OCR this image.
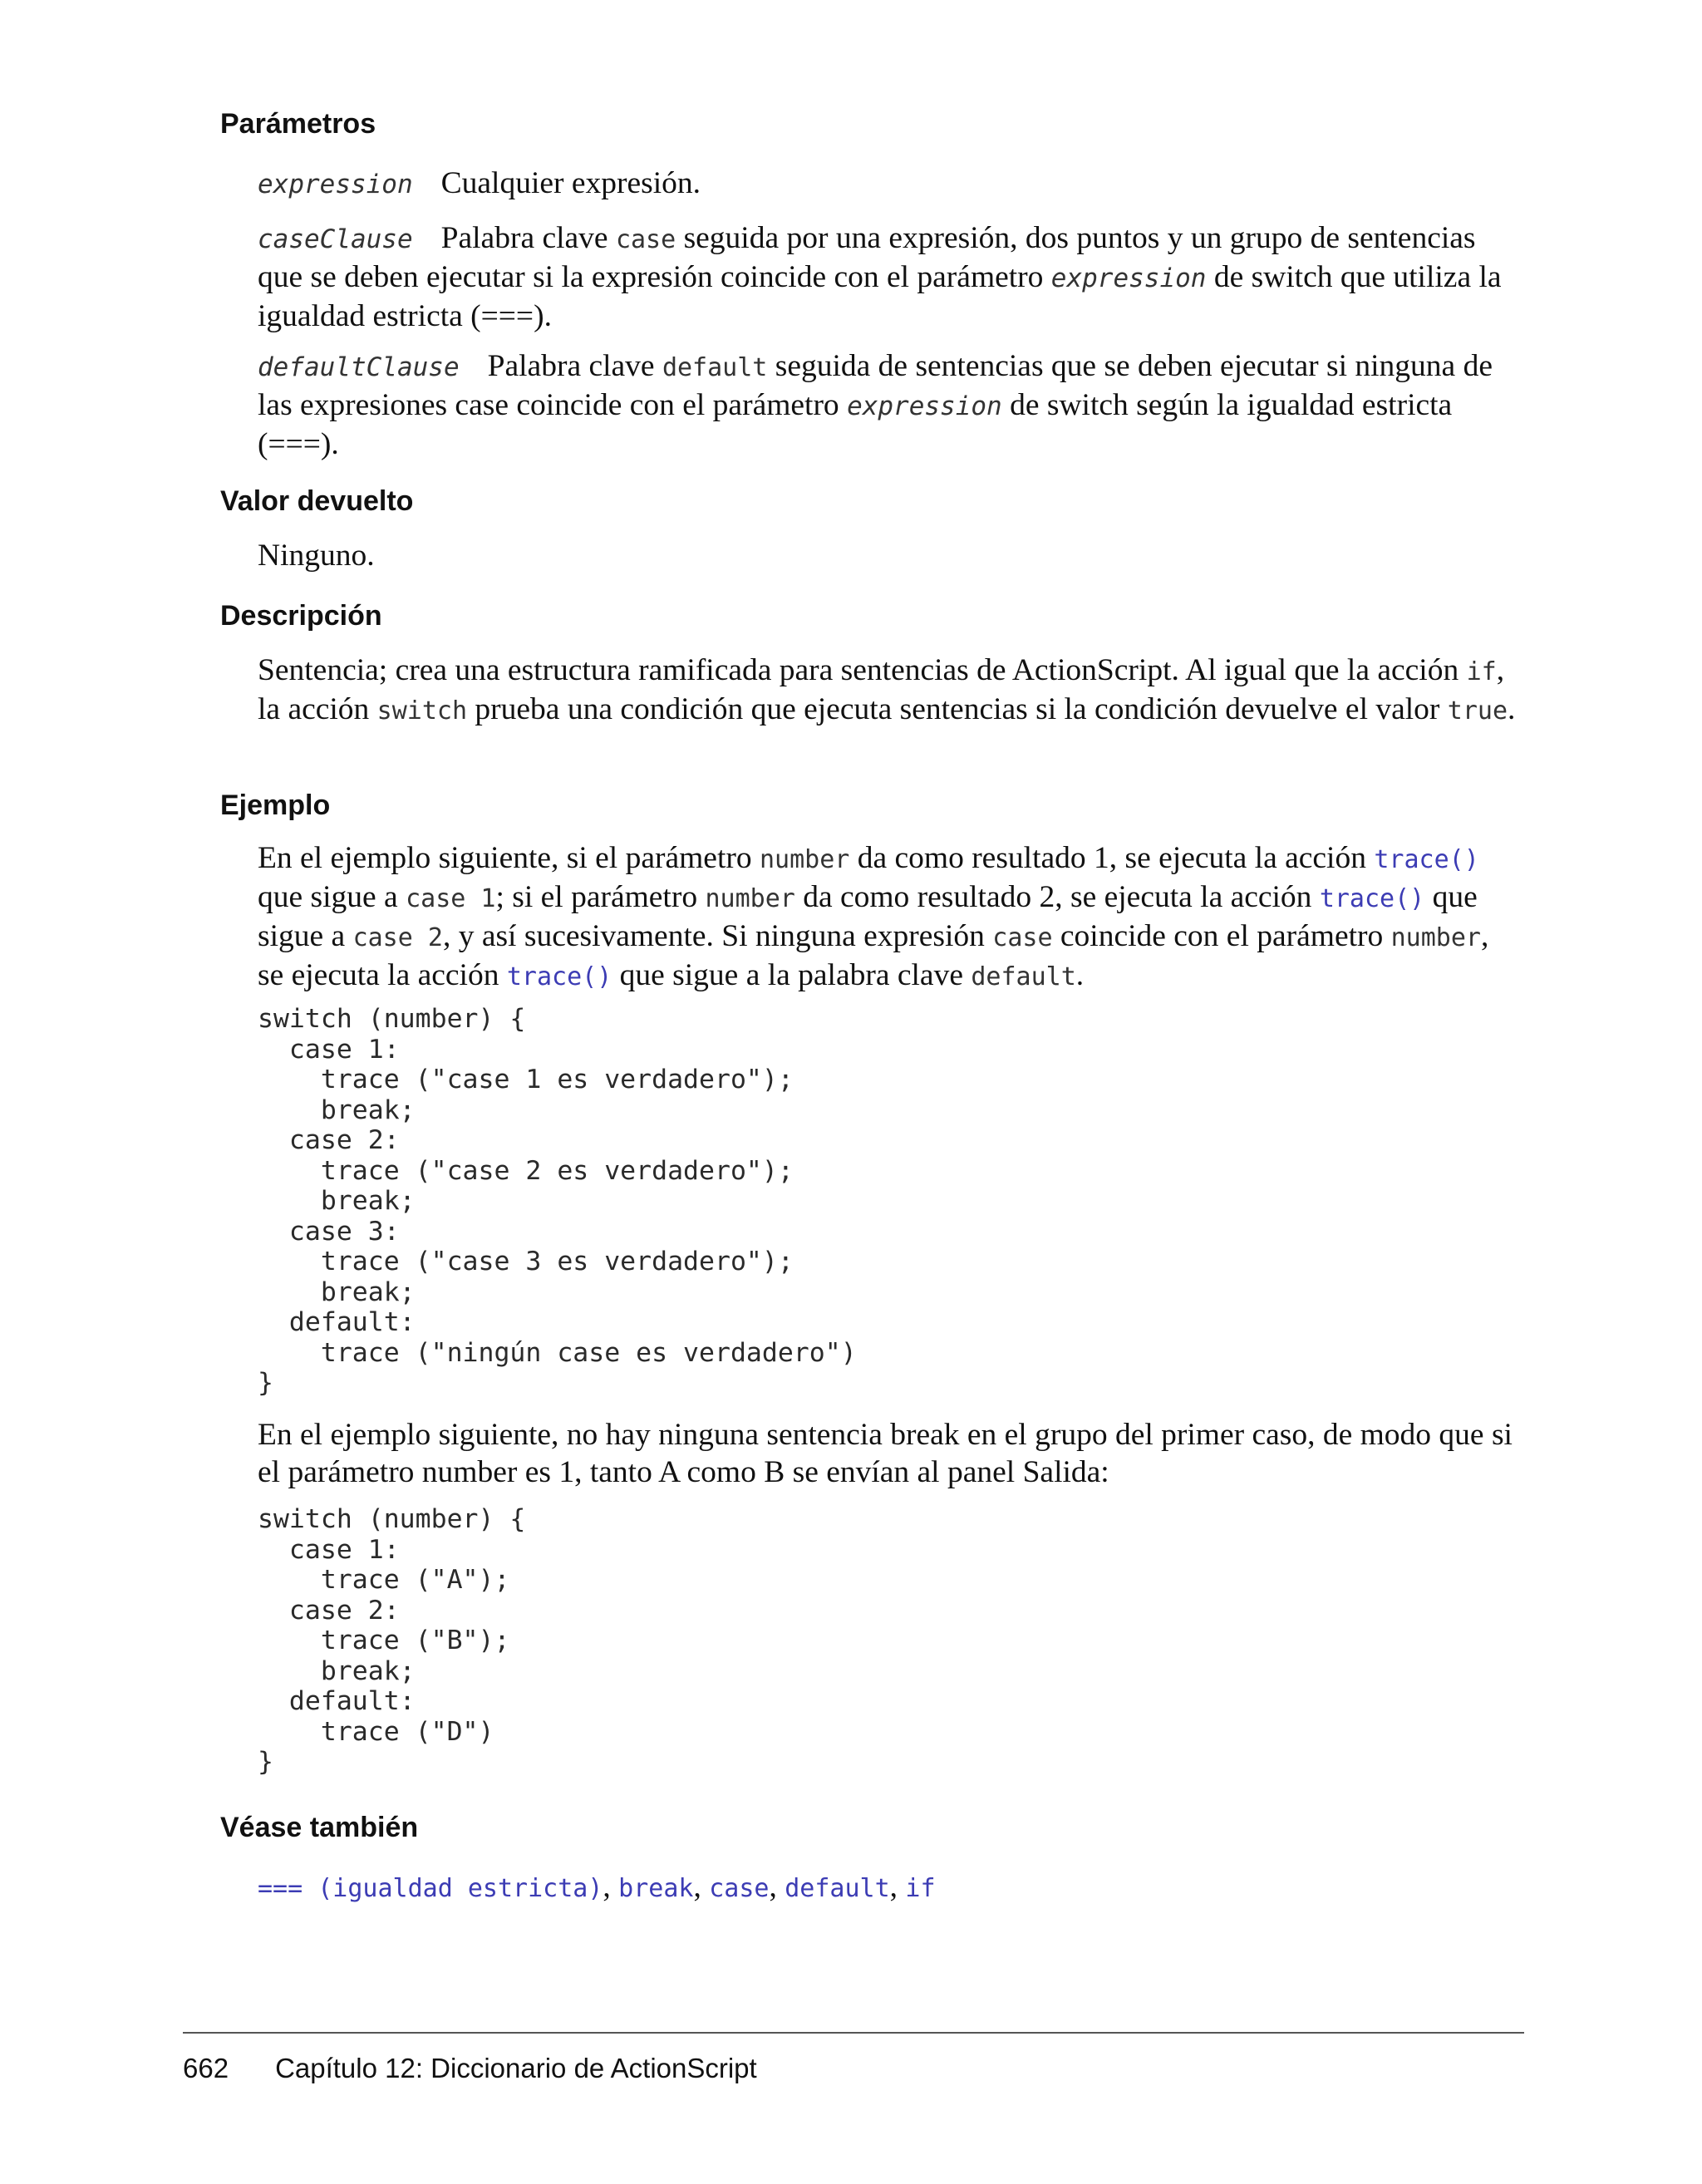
Parámetros

expression Cualquier expresión.

caseClause Palabra clave case seguida por una expresión, dos puntos y un grupo de sentencias que se deben ejecutar si la expresión coincide con el parámetro expression de switch que utiliza la igualdad estricta (===).

defaultClause Palabra clave default seguida de sentencias que se deben ejecutar si ninguna de las expresiones case coincide con el parámetro expression de switch según la igualdad estricta (===).

Valor devuelto

Ninguno.

Descripción

Sentencia; crea una estructura ramificada para sentencias de ActionScript. Al igual que la acción if, la acción switch prueba una condición que ejecuta sentencias si la condición devuelve el valor true.

Ejemplo

En el ejemplo siguiente, si el parámetro number da como resultado 1, se ejecuta la acción trace() que sigue a case 1; si el parámetro number da como resultado 2, se ejecuta la acción trace() que sigue a case 2, y así sucesivamente. Si ninguna expresión case coincide con el parámetro number, se ejecuta la acción trace() que sigue a la palabra clave default.

switch (number) {
case 1:
trace ("case 1 es verdadero");
break;
case 2:
trace ("case 2 es verdadero");
break;
case 3:
trace ("case 3 es verdadero");
break;
default:
trace ("ningún case es verdadero")
}

En el ejemplo siguiente, no hay ninguna sentencia break en el grupo del primer caso, de modo que si el parámetro number es 1, tanto A como B se envían al panel Salida:

switch (number) {
case 1:
trace ("A");
case 2:
trace ("B");
break;
default:
trace ("D")
}
Véase también

=== (igualdad estricta), break, case, default, if

662 Capítulo 12: Diccionario de ActionScript
